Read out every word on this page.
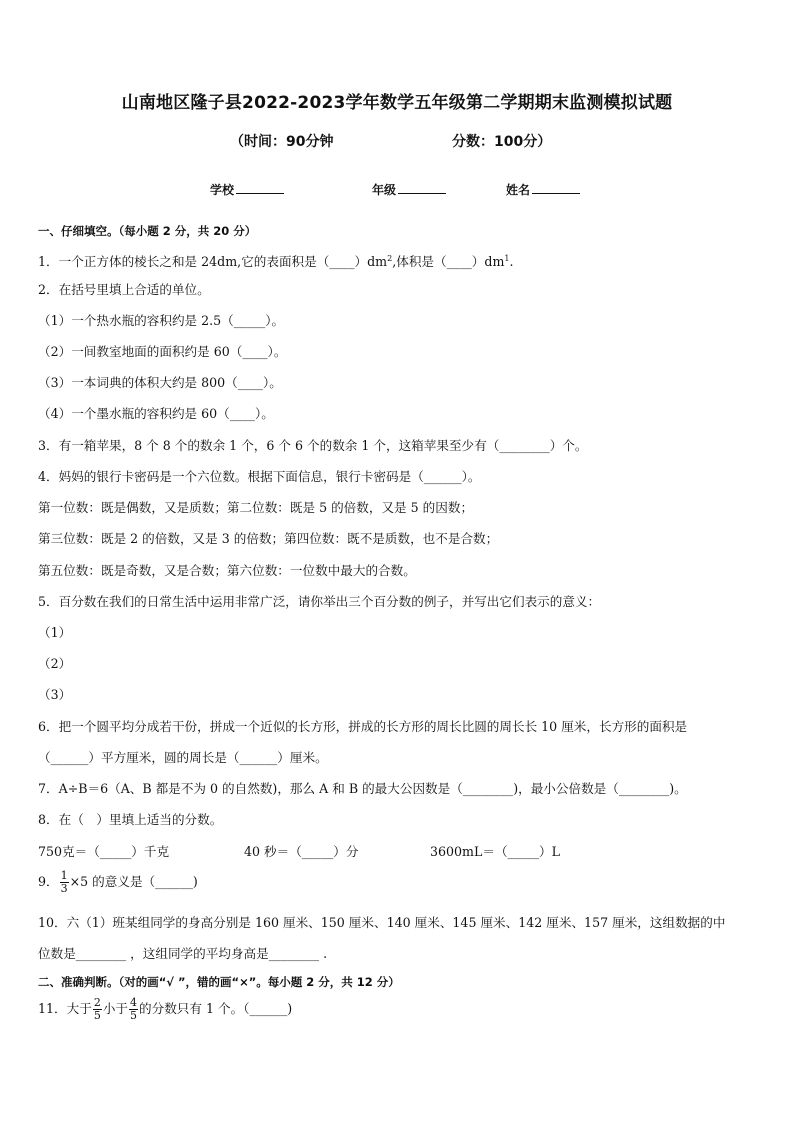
山南地区隆子县2022-2023学年数学五年级第二学期期末监测模拟试题
（时间：90分钟	分数：100分）
学校	年级	姓名
一、仔细填空。（每小题 2 分，共 20 分）
1．一个正方体的棱长之和是 24dm,它的表面积是$(\_\_\_\_)dm^2$,体积是$(\_\_\_\_)dm^1$.
2．在括号里填上合适的单位。
（1）一个热水瓶的容积约是 2.5（_____）。
（2）一间教室地面的面积约是 60（____）。
（3）一本词典的体积大约是 800（____）。
（4）一个墨水瓶的容积约是 60（____）。
3．有一箱苹果，8 个 8 个的数余 1 个，6 个 6 个的数余 1 个，这箱苹果至少有（________）个。
4．妈妈的银行卡密码是一个六位数。根据下面信息，银行卡密码是（______）。
第一位数：既是偶数，又是质数；第二位数：既是 5 的倍数，又是 5 的因数；
第三位数：既是 2 的倍数，又是 3 的倍数；第四位数：既不是质数，也不是合数；
第五位数：既是奇数，又是合数；第六位数：一位数中最大的合数。
5．百分数在我们的日常生活中运用非常广泛，请你举出三个百分数的例子，并写出它们表示的意义：
（1）
（2）
（3）
6．把一个圆平均分成若干份，拼成一个近似的长方形，拼成的长方形的周长比圆的周长长 10 厘米，长方形的面积是
（______）平方厘米，圆的周长是（______）厘米。
7．A÷B＝6（A、B 都是不为 0 的自然数)，那么 A 和 B 的最大公因数是（________)，最小公倍数是（________)。
8．在（　）里填上适当的分数。
750克＝（_____）千克	40 秒＝（_____）分	3600mL＝（_____）L
9． $\frac{1}{3} \times 5$ 的意义是（______)
10．六（1）班某组同学的身高分别是 160 厘米、150 厘米、140 厘米、145 厘米、142 厘米、157 厘米，这组数据的中
位数是________ ，这组同学的平均身高是________ .
二、准确判断。（对的画“√ ”，错的画“×”。每小题 2 分，共 12 分）
11．大于 $\frac{2}{5}$ 小于 $\frac{4}{5}$ 的分数只有 1 个。（______)
